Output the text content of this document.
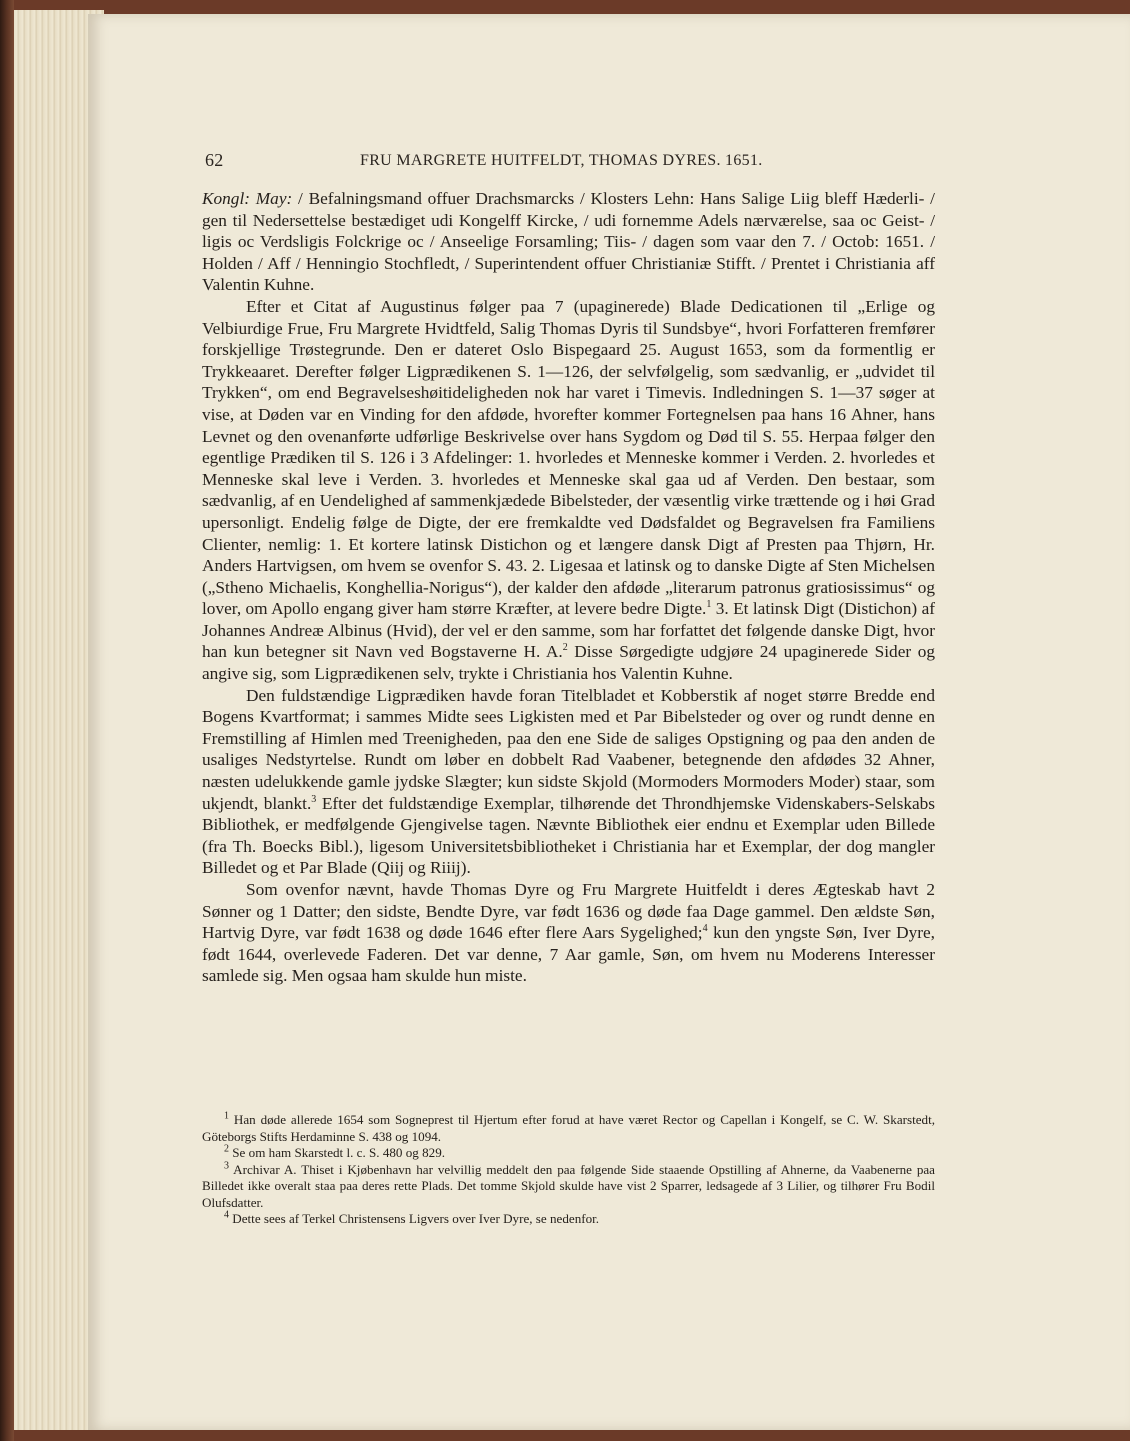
62	FRU MARGRETE HUITFELDT, THOMAS DYRES. 1651.

Kongl: May: / Befalningsmand offuer Drachsmarcks / Klosters Lehn: Hans Salige Liig bleff Hæderli- / gen til Nedersettelse bestædiget udi Kongelff Kircke, / udi fornemme Adels nærværelse, saa oc Geist- / ligis oc Verdsligis Folckrige oc / Anseelige Forsamling; Tiis- / dagen som vaar den 7. / Octob: 1651. / Holden / Aff / Henningio Stochfledt, / Superintendent offuer Christianiæ Stifft. / Prentet i Christiania aff Valentin Kuhne.

Efter et Citat af Augustinus følger paa 7 (upaginerede) Blade Dedicationen til „Erlige og Velbiurdige Frue, Fru Margrete Hvidtfeld, Salig Thomas Dyris til Sundsbye“, hvori Forfatteren fremfører forskjellige Trøstegrunde. Den er dateret Oslo Bispegaard 25. August 1653, som da formentlig er Trykkeaaret. Derefter følger Ligprædikenen S. 1—126, der selvfølgelig, som sædvanlig, er „udvidet til Trykken“, om end Begravelseshøitideligheden nok har varet i Timevis. Indledningen S. 1—37 søger at vise, at Døden var en Vinding for den afdøde, hvorefter kommer Fortegnelsen paa hans 16 Ahner, hans Levnet og den ovenanførte udførlige Beskrivelse over hans Sygdom og Død til S. 55. Herpaa følger den egentlige Prædiken til S. 126 i 3 Afdelinger: 1. hvorledes et Menneske kommer i Verden. 2. hvorledes et Menneske skal leve i Verden. 3. hvorledes et Menneske skal gaa ud af Verden. Den bestaar, som sædvanlig, af en Uendelighed af sammenkjædede Bibelsteder, der væsentlig virke trættende og i høi Grad upersonligt. Endelig følge de Digte, der ere fremkaldte ved Dødsfaldet og Begravelsen fra Familiens Clienter, nemlig: 1. Et kortere latinsk Distichon og et længere dansk Digt af Presten paa Thjørn, Hr. Anders Hartvigsen, om hvem se ovenfor S. 43. 2. Ligesaa et latinsk og to danske Digte af Sten Michelsen („Stheno Michaelis, Konghellia-Norigus“), der kalder den afdøde „literarum patronus gratiosissimus“ og lover, om Apollo engang giver ham større Kræfter, at levere bedre Digte.$^1$ 3. Et latinsk Digt (Distichon) af Johannes Andreæ Albinus (Hvid), der vel er den samme, som har forfattet det følgende danske Digt, hvor han kun betegner sit Navn ved Bogstaverne H. A.$^2$ Disse Sørgedigte udgjøre 24 upaginerede Sider og angive sig, som Ligprædikenen selv, trykte i Christiania hos Valentin Kuhne.

Den fuldstændige Ligprædiken havde foran Titelbladet et Kobberstik af noget større Bredde end Bogens Kvartformat; i sammes Midte sees Ligkisten med et Par Bibelsteder og over og rundt denne en Fremstilling af Himlen med Treenigheden, paa den ene Side de saliges Opstigning og paa den anden de usaliges Nedstyrtelse. Rundt om løber en dobbelt Rad Vaabener, betegnende den afdødes 32 Ahner, næsten udelukkende gamle jydske Slægter; kun sidste Skjold (Mormoders Mormoders Moder) staar, som ukjendt, blankt.$^3$ Efter det fuldstændige Exemplar, tilhørende det Throndhjemske Videnskabers-Selskabs Bibliothek, er medfølgende Gjengivelse tagen. Nævnte Bibliothek eier endnu et Exemplar uden Billede (fra Th. Boecks Bibl.), ligesom Universitetsbibliotheket i Christiania har et Exemplar, der dog mangler Billedet og et Par Blade (Qiij og Riiij).

Som ovenfor nævnt, havde Thomas Dyre og Fru Margrete Huitfeldt i deres Ægteskab havt 2 Sønner og 1 Datter; den sidste, Bendte Dyre, var født 1636 og døde faa Dage gammel. Den ældste Søn, Hartvig Dyre, var født 1638 og døde 1646 efter flere Aars Sygelighed;$^4$ kun den yngste Søn, Iver Dyre, født 1644, overlevede Faderen. Det var denne, 7 Aar gamle, Søn, om hvem nu Moderens Interesser samlede sig. Men ogsaa ham skulde hun miste.

$^1$ Han døde allerede 1654 som Sogneprest til Hjertum efter forud at have været Rector og Capellan i Kongelf, se C. W. Skarstedt, Göteborgs Stifts Herdaminne S. 438 og 1094.

$^2$ Se om ham Skarstedt l. c. S. 480 og 829.

$^3$ Archivar A. Thiset i Kjøbenhavn har velvillig meddelt den paa følgende Side staaende Opstilling af Ahnerne, da Vaabenerne paa Billedet ikke overalt staa paa deres rette Plads. Det tomme Skjold skulde have vist 2 Sparrer, ledsagede af 3 Lilier, og tilhører Fru Bodil Olufsdatter.

$^4$ Dette sees af Terkel Christensens Ligvers over Iver Dyre, se nedenfor.
